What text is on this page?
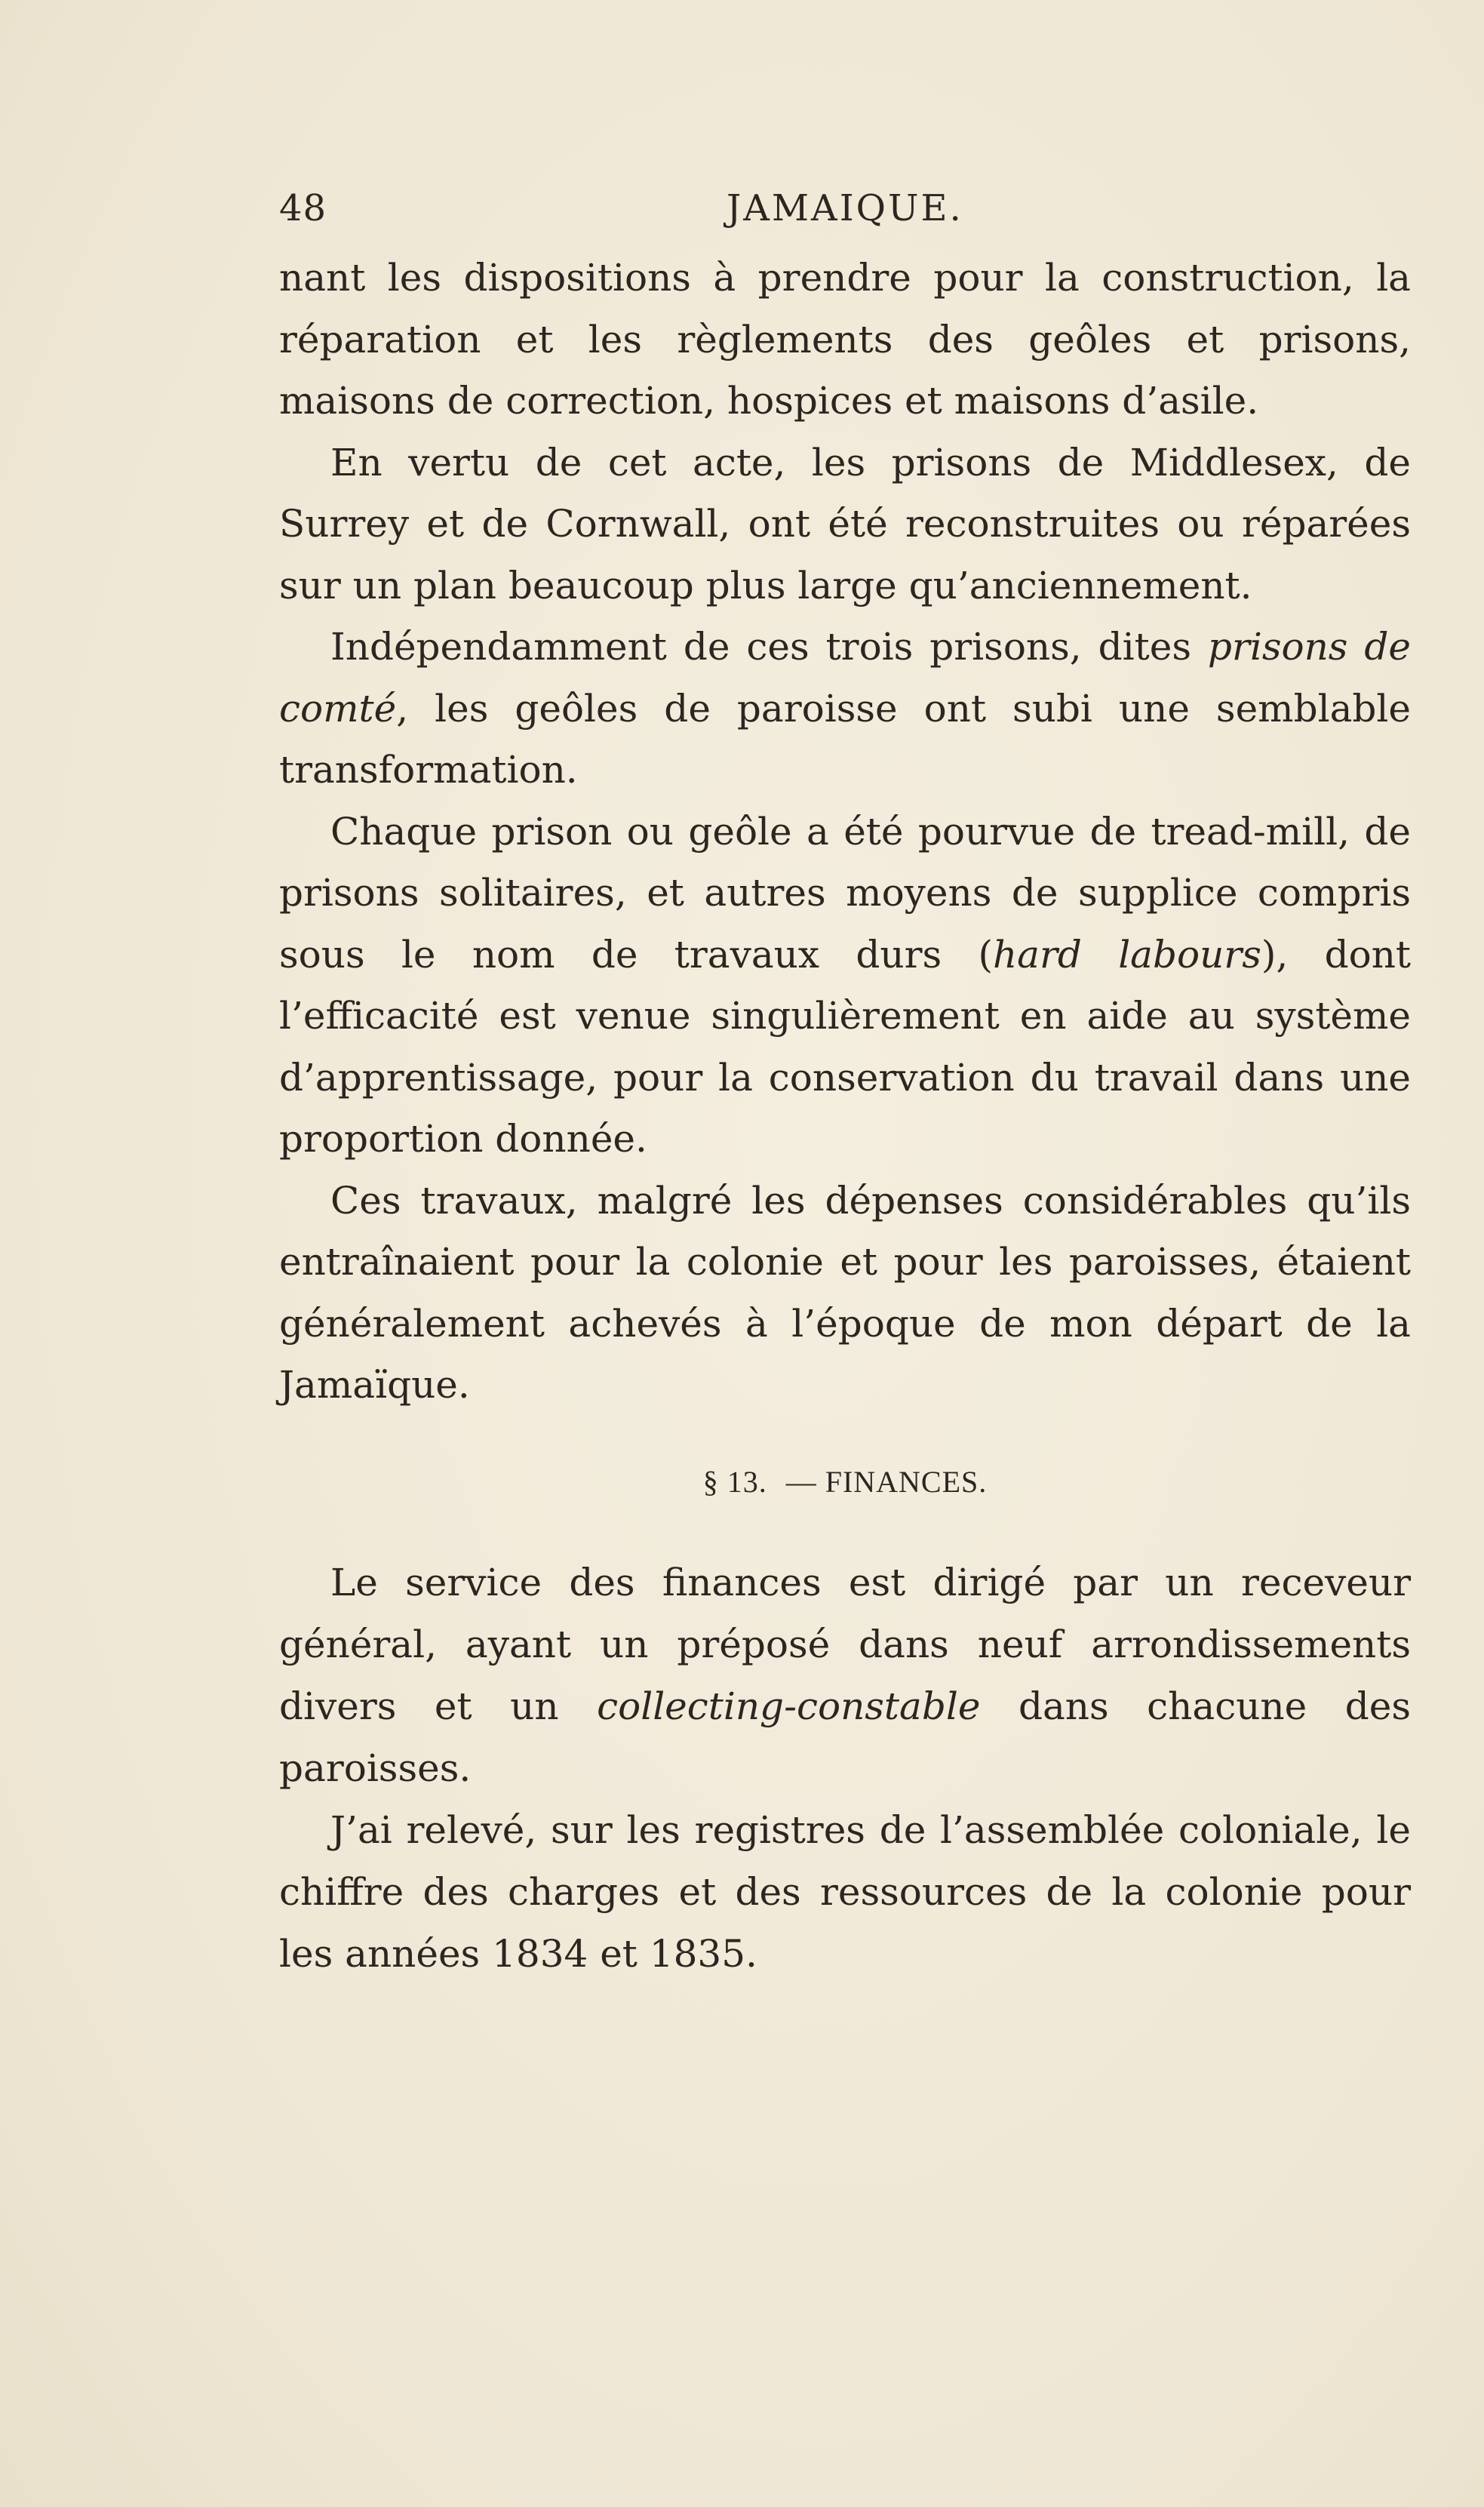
48	JAMAIQUE.

nant les dispositions à prendre pour la construction, la réparation et les règlements des geôles et prisons, maisons de correction, hospices et maisons d’asile.

En vertu de cet acte, les prisons de Middlesex, de Surrey et de Cornwall, ont été reconstruites ou réparées sur un plan beaucoup plus large qu’anciennement.

Indépendamment de ces trois prisons, dites prisons de comté, les geôles de paroisse ont subi une semblable transformation.

Chaque prison ou geôle a été pourvue de tread-mill, de prisons solitaires, et autres moyens de supplice compris sous le nom de travaux durs (hard labours), dont l’efficacité est venue singulièrement en aide au système d’apprentissage, pour la conservation du travail dans une proportion donnée.

Ces travaux, malgré les dépenses considérables qu’ils entraînaient pour la colonie et pour les paroisses, étaient généralement achevés à l’époque de mon départ de la Jamaïque.

§ 13. — FINANCES.

Le service des finances est dirigé par un receveur général, ayant un préposé dans neuf arrondissements divers et un collecting-constable dans chacune des paroisses.

J’ai relevé, sur les registres de l’assemblée coloniale, le chiffre des charges et des ressources de la colonie pour les années 1834 et 1835.
